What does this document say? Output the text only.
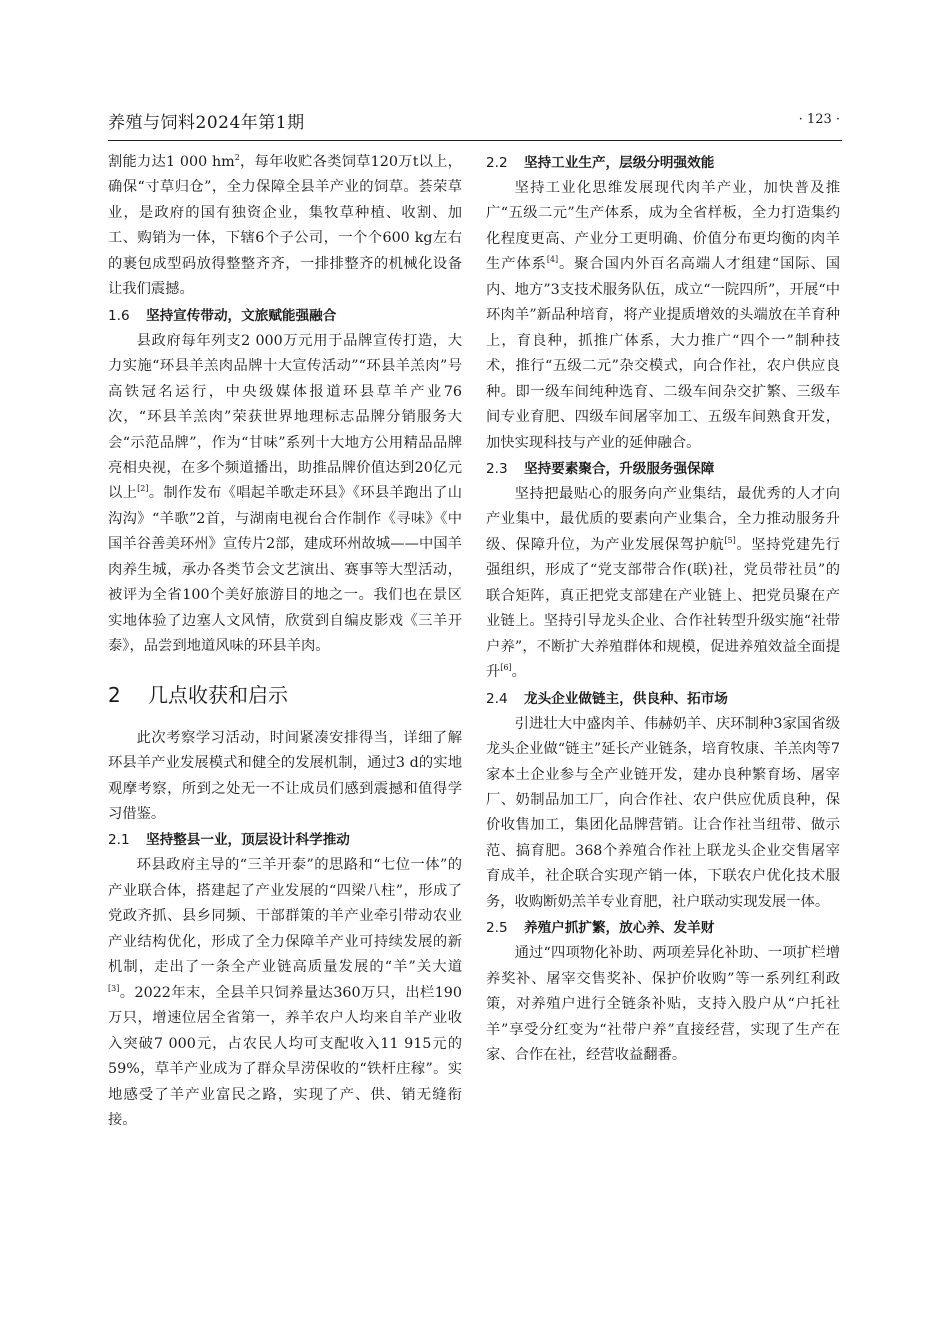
养殖与饲料2024年第1期	· 123 ·

割能力达1 000 $hm^2$，每年收贮各类饲草120万t以上，确保“寸草归仓”，全力保障全县羊产业的饲草。荟荣草业，是政府的国有独资企业，集牧草种植、收割、加工、购销为一体，下辖6个子公司，一个个600 kg左右的裹包成型码放得整整齐齐，一排排整齐的机械化设备让我们震撼。

1.6 坚持宣传带动，文旅赋能强融合

县政府每年列支2 000万元用于品牌宣传打造，大力实施“环县羊羔肉品牌十大宣传活动”“环县羊羔肉”号高铁冠名运行，中央级媒体报道环县草羊产业76次，“环县羊羔肉”荣获世界地理标志品牌分销服务大会“示范品牌”，作为“甘味”系列十大地方公用精品品牌亮相央视，在多个频道播出，助推品牌价值达到20亿元以上[2]。制作发布《唱起羊歌走环县》《环县羊跑出了山沟沟》“羊歌”2首，与湖南电视台合作制作《寻味》《中国羊谷善美环州》宣传片2部，建成环州故城——中国羊肉养生城，承办各类节会文艺演出、赛事等大型活动，被评为全省100个美好旅游目的地之一。我们也在景区实地体验了边塞人文风情，欣赏到自编皮影戏《三羊开泰》，品尝到地道风味的环县羊肉。

2 几点收获和启示

此次考察学习活动，时间紧凑安排得当，详细了解环县羊产业发展模式和健全的发展机制，通过3 d的实地观摩考察，所到之处无一不让成员们感到震撼和值得学习借鉴。

2.1 坚持整县一业，顶层设计科学推动

环县政府主导的“三羊开泰”的思路和“七位一体”的产业联合体，搭建起了产业发展的“四梁八柱”，形成了党政齐抓、县乡同频、干部群策的羊产业牵引带动农业产业结构优化，形成了全力保障羊产业可持续发展的新机制，走出了一条全产业链高质量发展的“羊”关大道[3]。2022年末，全县羊只饲养量达360万只，出栏190万只，增速位居全省第一，养羊农户人均来自羊产业收入突破7 000元，占农民人均可支配收入11 915元的59%，草羊产业成为了群众旱涝保收的“铁杆庄稼”。实地感受了羊产业富民之路，实现了产、供、销无缝衔接。

2.2 坚持工业生产，层级分明强效能

坚持工业化思维发展现代肉羊产业，加快普及推广“五级二元”生产体系，成为全省样板，全力打造集约化程度更高、产业分工更明确、价值分布更均衡的肉羊生产体系[4]。聚合国内外百名高端人才组建“国际、国内、地方”3支技术服务队伍，成立“一院四所”，开展“中环肉羊”新品种培育，将产业提质增效的头端放在羊育种上，育良种，抓推广体系，大力推广“四个一”制种技术，推行“五级二元”杂交模式，向合作社，农户供应良种。即一级车间纯种选育、二级车间杂交扩繁、三级车间专业育肥、四级车间屠宰加工、五级车间熟食开发，加快实现科技与产业的延伸融合。

2.3 坚持要素聚合，升级服务强保障

坚持把最贴心的服务向产业集结，最优秀的人才向产业集中，最优质的要素向产业集合，全力推动服务升级、保障升位，为产业发展保驾护航[5]。坚持党建先行强组织，形成了“党支部带合作(联)社，党员带社员”的联合矩阵，真正把党支部建在产业链上、把党员聚在产业链上。坚持引导龙头企业、合作社转型升级实施“社带户养”，不断扩大养殖群体和规模，促进养殖效益全面提升[6]。

2.4 龙头企业做链主，供良种、拓市场

引进壮大中盛肉羊、伟赫奶羊、庆环制种3家国省级龙头企业做“链主”延长产业链条，培育牧康、羊羔肉等7家本土企业参与全产业链开发，建办良种繁育场、屠宰厂、奶制品加工厂，向合作社、农户供应优质良种，保价收售加工，集团化品牌营销。让合作社当纽带、做示范、搞育肥。368个养殖合作社上联龙头企业交售屠宰育成羊，社企联合实现产销一体，下联农户优化技术服务，收购断奶羔羊专业育肥，社户联动实现发展一体。

2.5 养殖户抓扩繁，放心养、发羊财

通过“四项物化补助、两项差异化补助、一项扩栏增养奖补、屠宰交售奖补、保护价收购”等一系列红利政策，对养殖户进行全链条补贴，支持入股户从“户托社羊”享受分红变为“社带户养”直接经营，实现了生产在家、合作在社，经营收益翻番。
